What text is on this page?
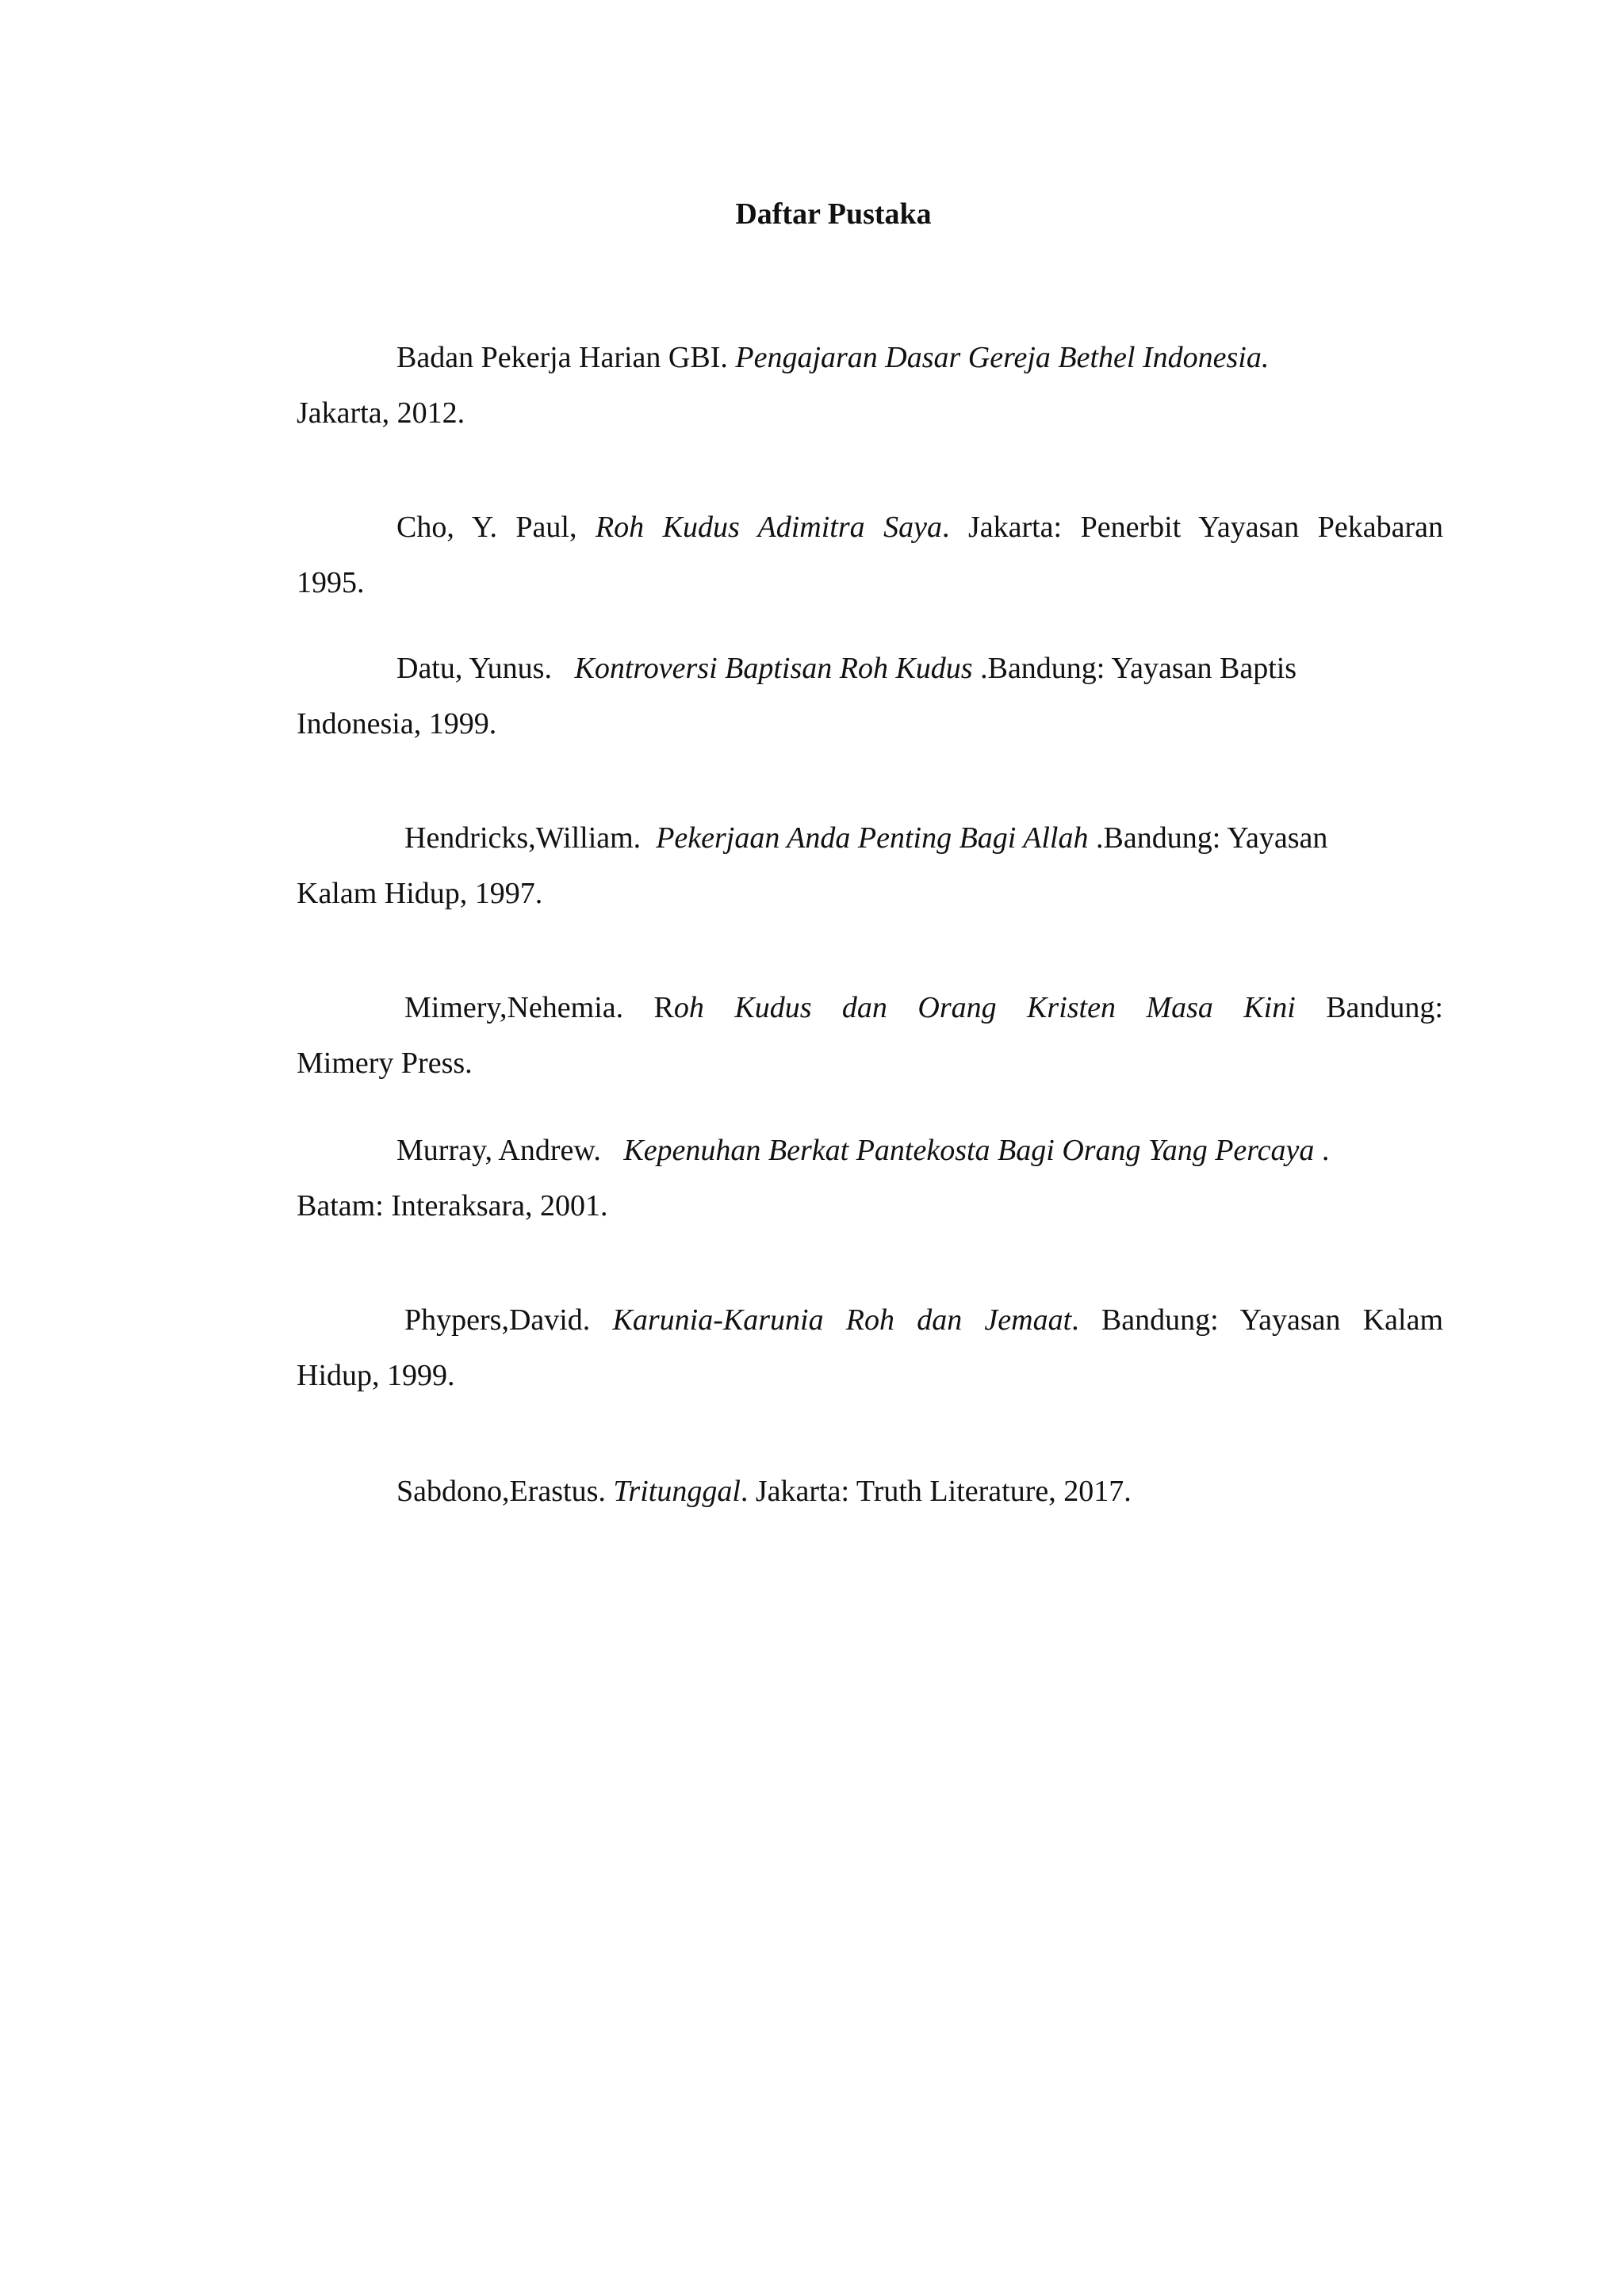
Daftar Pustaka

Badan Pekerja Harian GBI. Pengajaran Dasar Gereja Bethel Indonesia.
Jakarta, 2012.

Cho, Y. Paul, Roh Kudus Adimitra Saya. Jakarta: Penerbit Yayasan Pekabaran
1995.

Datu, Yunus. Kontroversi Baptisan Roh Kudus .Bandung: Yayasan Baptis
Indonesia, 1999.

Hendricks,William. Pekerjaan Anda Penting Bagi Allah .Bandung: Yayasan
Kalam Hidup, 1997.

Mimery,Nehemia. Roh Kudus dan Orang Kristen Masa Kini Bandung:
Mimery Press.

Murray, Andrew. Kepenuhan Berkat Pantekosta Bagi Orang Yang Percaya .
Batam: Interaksara, 2001.

Phypers,David. Karunia-Karunia Roh dan Jemaat. Bandung: Yayasan Kalam
Hidup, 1999.

Sabdono,Erastus. Tritunggal. Jakarta: Truth Literature, 2017.
